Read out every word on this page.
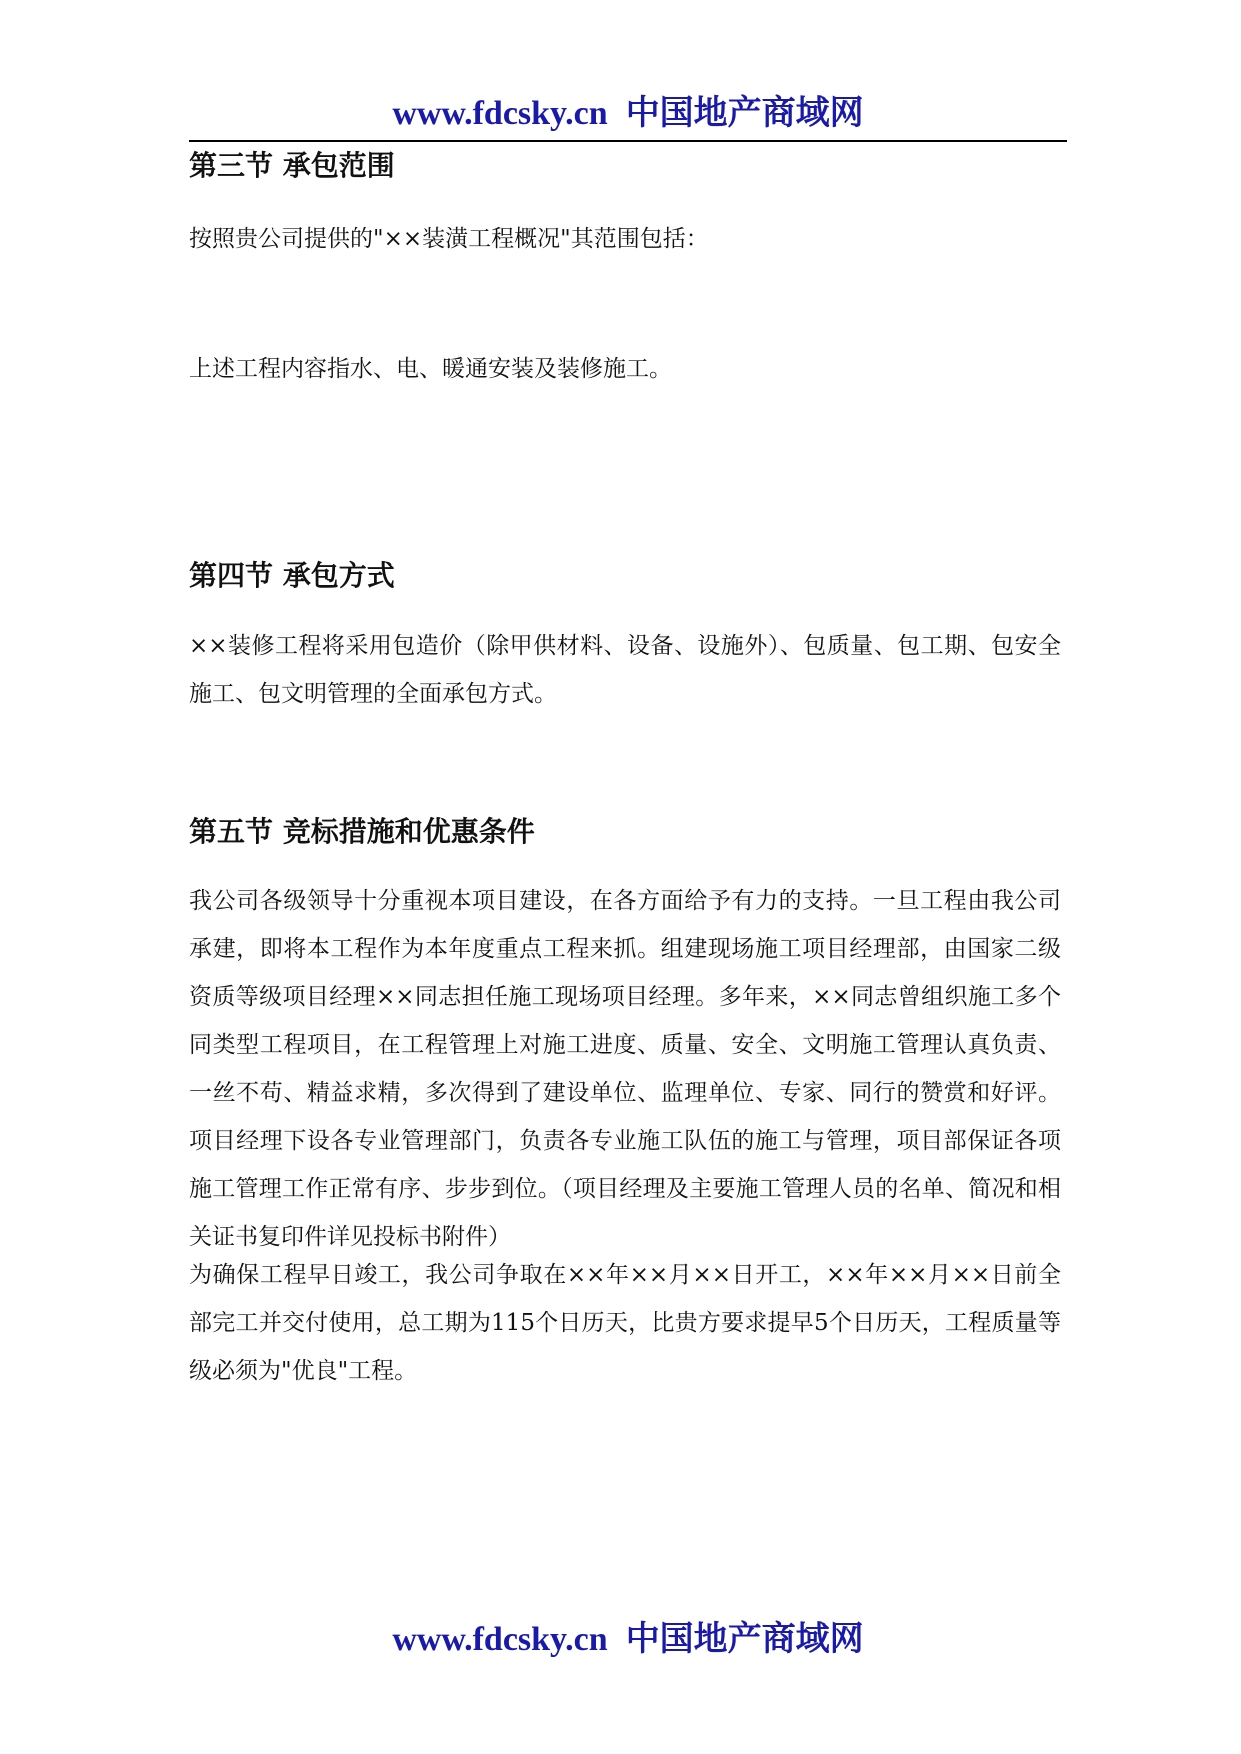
www.fdcsky.cn 中国地产商域网
第三节 承包范围

按照贵公司提供的"××装潢工程概况"其范围包括：

上述工程内容指水、电、暖通安装及装修施工。

第四节 承包方式

××装修工程将采用包造价（除甲供材料、设备、设施外）、包质量、包工期、包安全施工、包文明管理的全面承包方式。

第五节 竞标措施和优惠条件

我公司各级领导十分重视本项目建设，在各方面给予有力的支持。一旦工程由我公司承建，即将本工程作为本年度重点工程来抓。组建现场施工项目经理部，由国家二级资质等级项目经理××同志担任施工现场项目经理。多年来，××同志曾组织施工多个同类型工程项目，在工程管理上对施工进度、质量、安全、文明施工管理认真负责、一丝不苟、精益求精，多次得到了建设单位、监理单位、专家、同行的赞赏和好评。项目经理下设各专业管理部门，负责各专业施工队伍的施工与管理，项目部保证各项施工管理工作正常有序、步步到位。（项目经理及主要施工管理人员的名单、简况和相关证书复印件详见投标书附件）

为确保工程早日竣工，我公司争取在××年××月××日开工，××年××月××日前全部完工并交付使用，总工期为115个日历天，比贵方要求提早5个日历天，工程质量等级必须为"优良"工程。

www.fdcsky.cn 中国地产商域网
